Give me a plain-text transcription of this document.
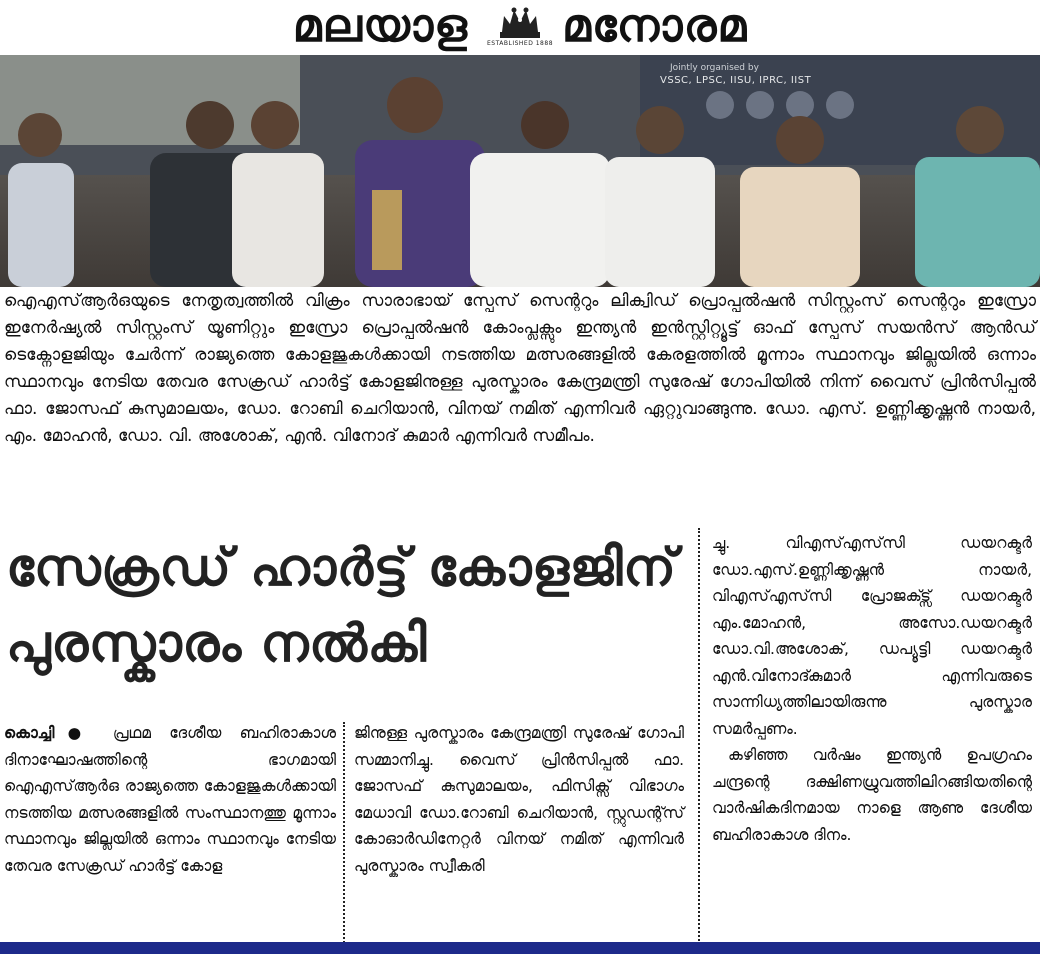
മലയാള	ESTABLISHED 1888 മനോരമ
Jointly organised by
VSSC, LPSC, IISU, IPRC, IIST

ഐഎസ്ആർഒയുടെ നേതൃത്വത്തിൽ വിക്രം സാരാഭായ് സ്പേസ് സെന്ററും ലിക്വിഡ് പ്രൊപ്പൽഷൻ സിസ്റ്റംസ് സെന്ററും ഇസ്രോ ഇനേർഷ്യൽ സിസ്റ്റംസ് യൂണിറ്റും ഇസ്രോ പ്രൊപ്പൽഷൻ കോംപ്ലക്സും ഇന്ത്യൻ ഇൻസ്റ്റിറ്റ്യൂട്ട് ഓഫ് സ്പേസ് സയൻസ് ആൻഡ് ടെക്നോളജിയും ചേർന്ന് രാജ്യത്തെ കോളജുകൾക്കായി നടത്തിയ മത്സരങ്ങളിൽ കേരളത്തിൽ മൂന്നാം സ്ഥാനവും ജില്ലയിൽ ഒന്നാം സ്ഥാനവും നേടിയ തേവര സേക്രഡ് ഹാർട്ട് കോളജിനുള്ള പുരസ്കാരം കേന്ദ്രമന്ത്രി സുരേഷ് ഗോപിയിൽ നിന്ന് വൈസ് പ്രിൻസിപ്പൽ ഫാ. ജോസഫ് കുസുമാലയം, ഡോ. റോബി ചെറിയാൻ, വിനയ് നമിത് എന്നിവർ ഏറ്റുവാങ്ങുന്നു. ഡോ. എസ്. ഉണ്ണിക്കൃഷ്ണൻ നായർ, എം. മോഹൻ, ഡോ. വി. അശോക്, എൻ. വിനോദ് കുമാർ എന്നിവർ സമീപം.

സേക്രഡ് ഹാർട്ട് കോളജിന്
പുരസ്കാരം നൽകി

കൊച്ചി● പ്രഥമ ദേശീയ ബഹിരാകാശ ദിനാഘോഷത്തിന്റെ ഭാഗമായി ഐഎസ്ആർഒ രാജ്യത്തെ കോളജുകൾക്കായി നടത്തിയ മത്സരങ്ങളിൽ സംസ്ഥാനത്തു മൂന്നാം സ്ഥാനവും ജില്ലയിൽ ഒന്നാം സ്ഥാനവും നേടിയ തേവര സേക്രഡ് ഹാർട്ട് കോള

ജിനുള്ള പുരസ്കാരം കേന്ദ്രമന്ത്രി സുരേഷ് ഗോപി സമ്മാനിച്ചു. വൈസ് പ്രിൻസിപ്പൽ ഫാ. ജോസഫ് കുസുമാലയം, ഫിസിക്സ് വിഭാഗം മേധാവി ഡോ.റോബി ചെറിയാൻ, സ്റ്റുഡന്റ്സ് കോഓർഡിനേറ്റർ വിനയ് നമിത് എന്നിവർ പുരസ്കാരം സ്വീകരി

ച്ചു. വിഎസ്എസ്‌സി ഡയറക്ടർ ഡോ.എസ്.ഉണ്ണിക്കൃഷ്ണൻ നായർ, വിഎസ്എസ്‌സി പ്രോജക്ട്സ് ഡയറക്ടർ എം.മോഹൻ, അസോ.ഡയറക്ടർ ഡോ.വി.അശോക്, ഡപ്യൂട്ടി ഡയറക്ടർ എൻ.വിനോദ്കുമാർ എന്നിവരുടെ സാന്നിധ്യത്തിലായിരുന്നു പുരസ്കാര സമർപ്പണം.

കഴിഞ്ഞ വർഷം ഇന്ത്യൻ ഉപഗ്രഹം ചന്ദ്രന്റെ ദക്ഷിണധ്രുവത്തിലിറങ്ങിയതിന്റെ വാർഷികദിനമായ നാളെ ആണു ദേശീയ ബഹിരാകാശ ദിനം.
